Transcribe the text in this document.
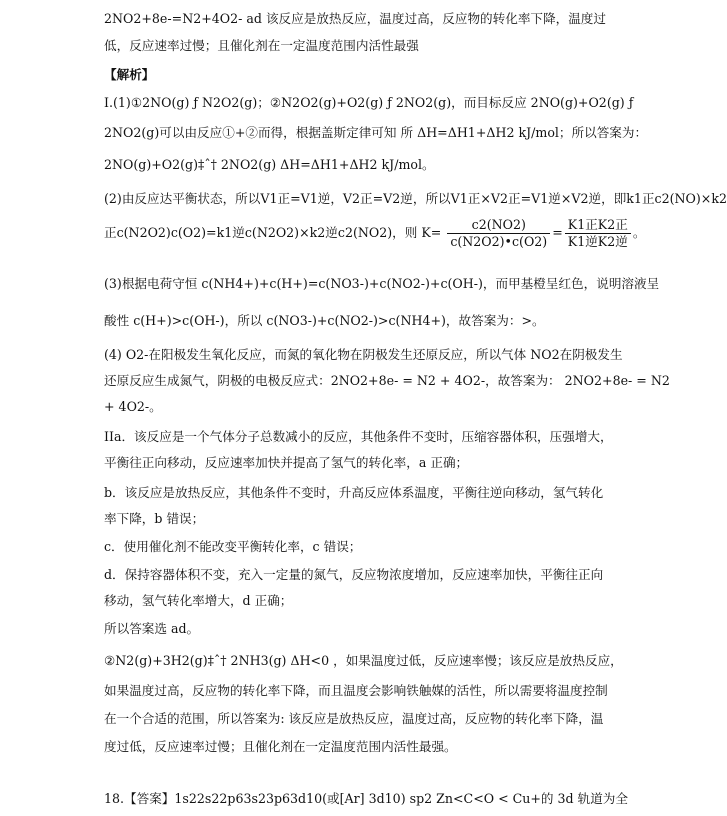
2NO2+8e-=N2+4O2- ad 该反应是放热反应，温度过高，反应物的转化率下降，温度过
低，反应速率过慢；且催化剂在一定温度范围内活性最强
【解析】
I.(1)①2NO(g) ƒ N2O2(g)；②N2O2(g)+O2(g) ƒ 2NO2(g)，而目标反应 2NO(g)+O2(g) ƒ
2NO2(g)可以由反应①+②而得，根据盖斯定律可知 所 ΔH=ΔH1+ΔH2 kJ/mol；所以答案为：
2NO(g)+O2(g)‡ˆ† 2NO2(g) ΔH=ΔH1+ΔH2 kJ/mol。
(2)由反应达平衡状态，所以V1正=V1逆，V2正=V2逆，所以V1正×V2正=V1逆×V2逆，即k1正c2(NO)×k2
正c(N2O2)c(O2)=k1逆c(N2O2)×k2逆c2(NO2)，则 $K= \frac{c2(NO2)}{c(N2O2)•c(O2)} = \frac{\text{K1正K2正}}{\text{K1逆K2逆}}$ 。
(3)根据电荷守恒 c(NH4+)+c(H+)=c(NO3-)+c(NO2-)+c(OH-)，而甲基橙呈红色，说明溶液呈
酸性 c(H+)>c(OH-)，所以 c(NO3-)+c(NO2-)>c(NH4+)，故答案为：>。
(4) O2-在阳极发生氧化反应，而氮的氧化物在阴极发生还原反应，所以气体 NO2在阴极发生
还原反应生成氮气，阴极的电极反应式：2NO2+8e- = N2 + 4O2-，故答案为： 2NO2+8e- = N2
+ 4O2-。
IIa．该反应是一个气体分子总数减小的反应，其他条件不变时，压缩容器体积，压强增大，
平衡往正向移动，反应速率加快并提高了氢气的转化率，a 正确；
b．该反应是放热反应，其他条件不变时，升高反应体系温度，平衡往逆向移动，氢气转化
率下降，b 错误；
c．使用催化剂不能改变平衡转化率，c 错误；
d．保持容器体积不变，充入一定量的氮气，反应物浓度增加，反应速率加快，平衡往正向
移动，氢气转化率增大，d 正确；
所以答案选 ad。
②N2(g)+3H2(g)‡ˆ† 2NH3(g) ΔH<0 ，如果温度过低，反应速率慢；该反应是放热反应，
如果温度过高，反应物的转化率下降，而且温度会影响铁触媒的活性，所以需要将温度控制
在一个合适的范围，所以答案为: 该反应是放热反应，温度过高，反应物的转化率下降，温
度过低，反应速率过慢；且催化剂在一定温度范围内活性最强。
18.【答案】1s22s22p63s23p63d10(或[Ar] 3d10) sp2 Zn<C<O < Cu+的 3d 轨道为全
